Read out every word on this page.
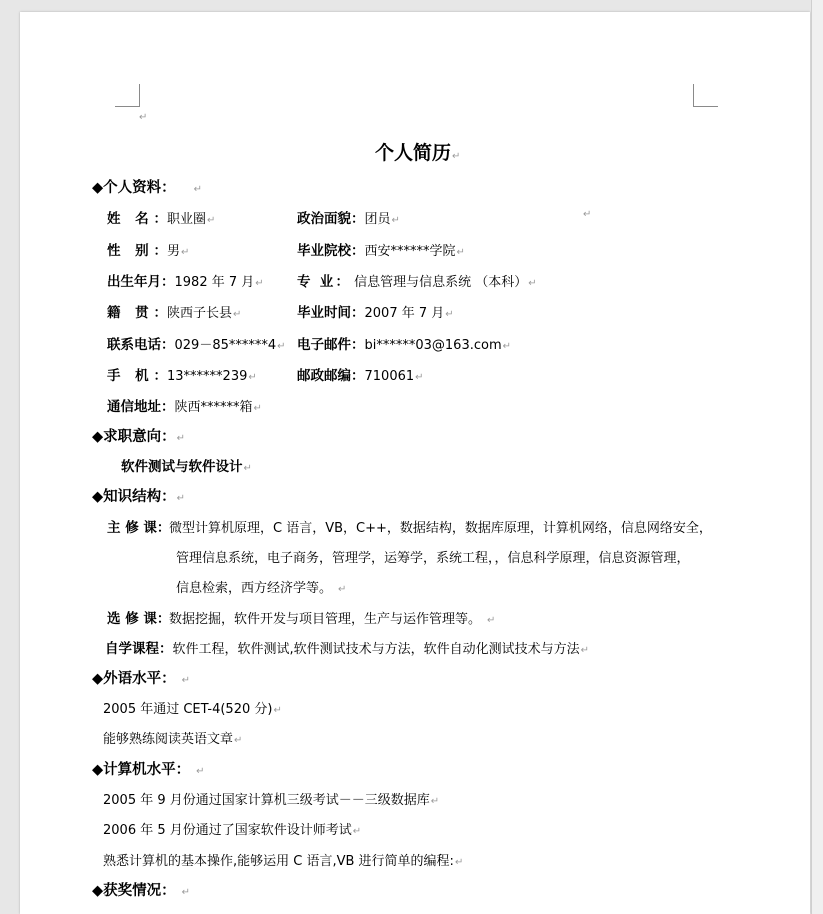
↵
个人简历↵
◆个人资料： ↵
姓 名：职业圈↵	政治面貌：团员↵
↵
性 别：男↵	毕业院校：西安******学院↵
出生年月：1982 年 7 月↵ 专 业： 信息管理与信息系统 （本科）↵
籍 贯：陕西子长县↵	毕业时间：2007 年 7 月↵
联系电话：029－85******4↵ 电子邮件：bi******03@163.com↵
手 机：13******239↵	邮政邮编：710061↵
通信地址：陕西******箱↵
◆求职意向：↵
软件测试与软件设计↵
◆知识结构：↵
主 修 课：微型计算机原理，C 语言，VB，C++，数据结构，数据库原理，计算机网络，信息网络安全，
管理信息系统，电子商务，管理学，运筹学，系统工程，，信息科学原理，信息资源管理，
信息检索，西方经济学等。 ↵
选 修 课：数据挖掘，软件开发与项目管理，生产与运作管理等。 ↵
自学课程：软件工程，软件测试,软件测试技术与方法，软件自动化测试技术与方法↵
◆外语水平： ↵
2005 年通过 CET-4(520 分)↵
能够熟练阅读英语文章↵
◆计算机水平： ↵
2005 年 9 月份通过国家计算机三级考试－－三级数据库↵
2006 年 5 月份通过了国家软件设计师考试↵
熟悉计算机的基本操作,能够运用 C 语言,VB 进行简单的编程:↵
◆获奖情况： ↵
